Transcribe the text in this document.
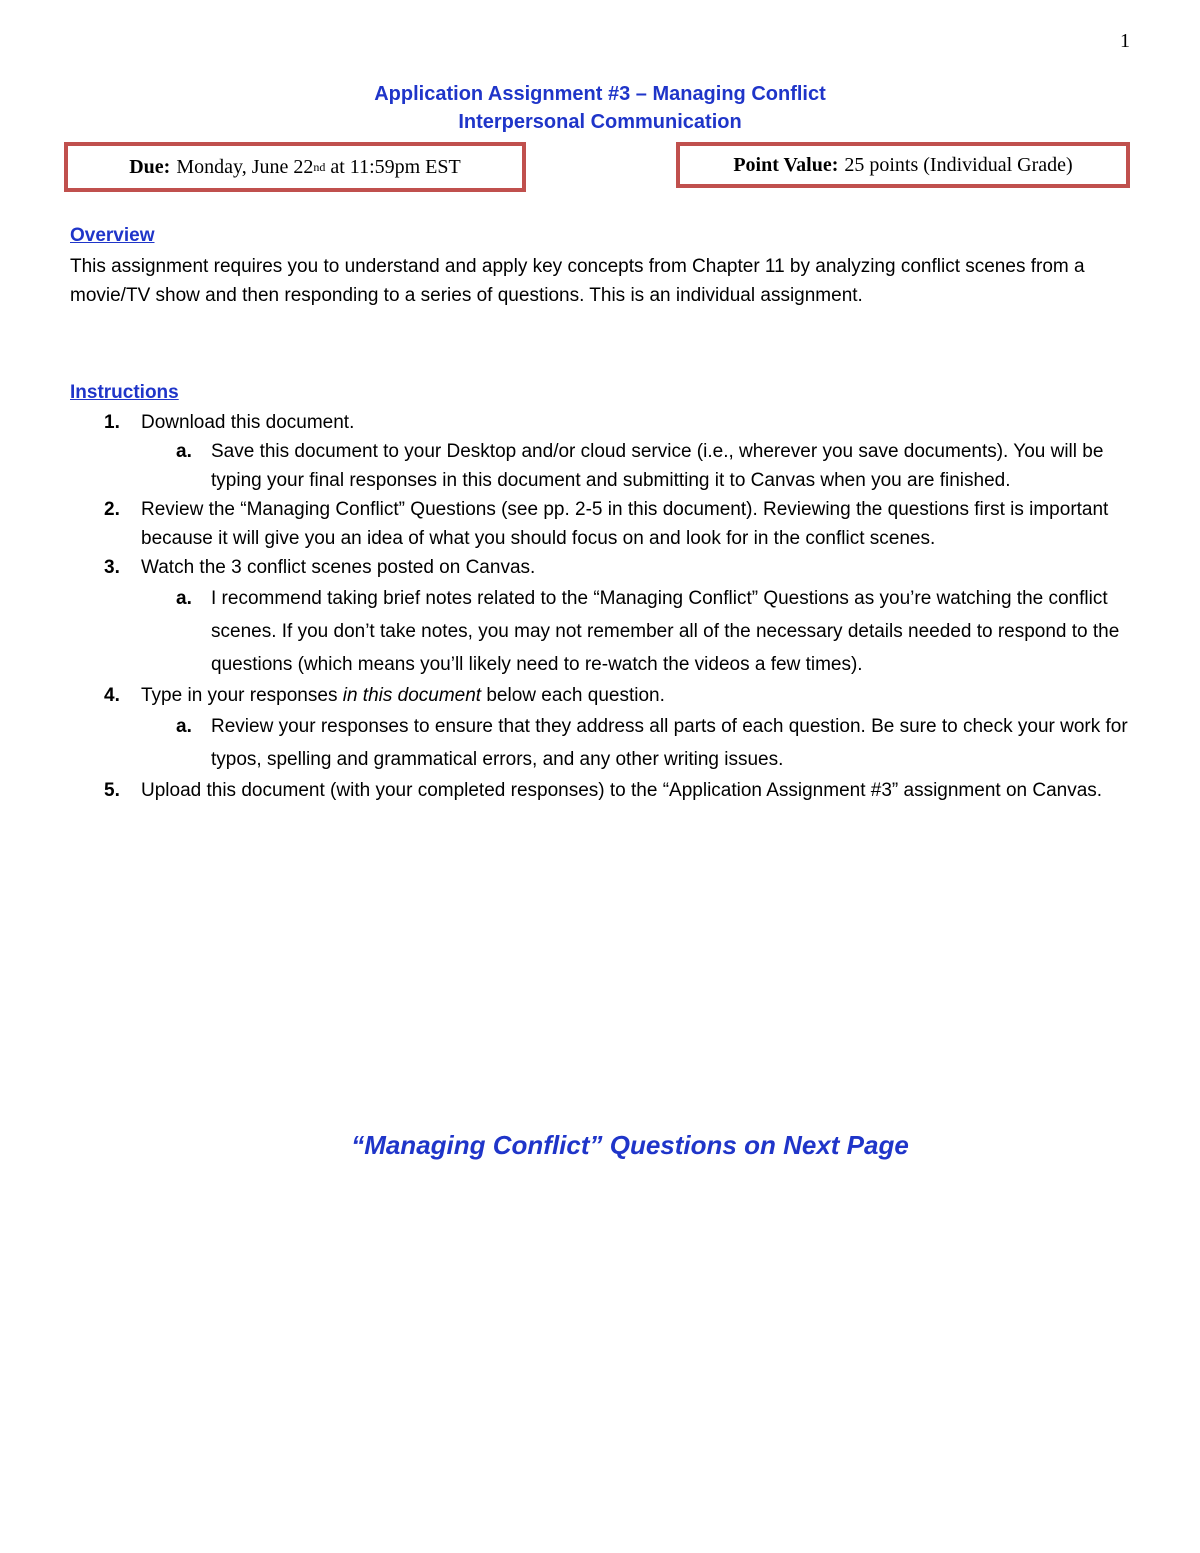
1
Application Assignment #3 – Managing Conflict
Interpersonal Communication
Due: Monday, June 22 nd at 11:59pm EST	Point Value: 25 points (Individual Grade)
Overview
This assignment requires you to understand and apply key concepts from Chapter 11 by analyzing conflict scenes from a movie/TV show and then responding to a series of questions. This is an individual assignment.
Instructions
1. Download this document.
a. Save this document to your Desktop and/or cloud service (i.e., wherever you save documents). You will be typing your final responses in this document and submitting it to Canvas when you are finished.
2. Review the “Managing Conflict” Questions (see pp. 2-5 in this document). Reviewing the questions first is important because it will give you an idea of what you should focus on and look for in the conflict scenes.
3. Watch the 3 conflict scenes posted on Canvas.
a. I recommend taking brief notes related to the “Managing Conflict” Questions as you’re watching the conflict scenes. If you don’t take notes, you may not remember all of the necessary details needed to respond to the questions (which means you’ll likely need to re-watch the videos a few times).
4. Type in your responses in this document below each question.
a. Review your responses to ensure that they address all parts of each question. Be sure to check your work for typos, spelling and grammatical errors, and any other writing issues.
5. Upload this document (with your completed responses) to the “Application Assignment #3” assignment on Canvas.
“Managing Conflict” Questions on Next Page
